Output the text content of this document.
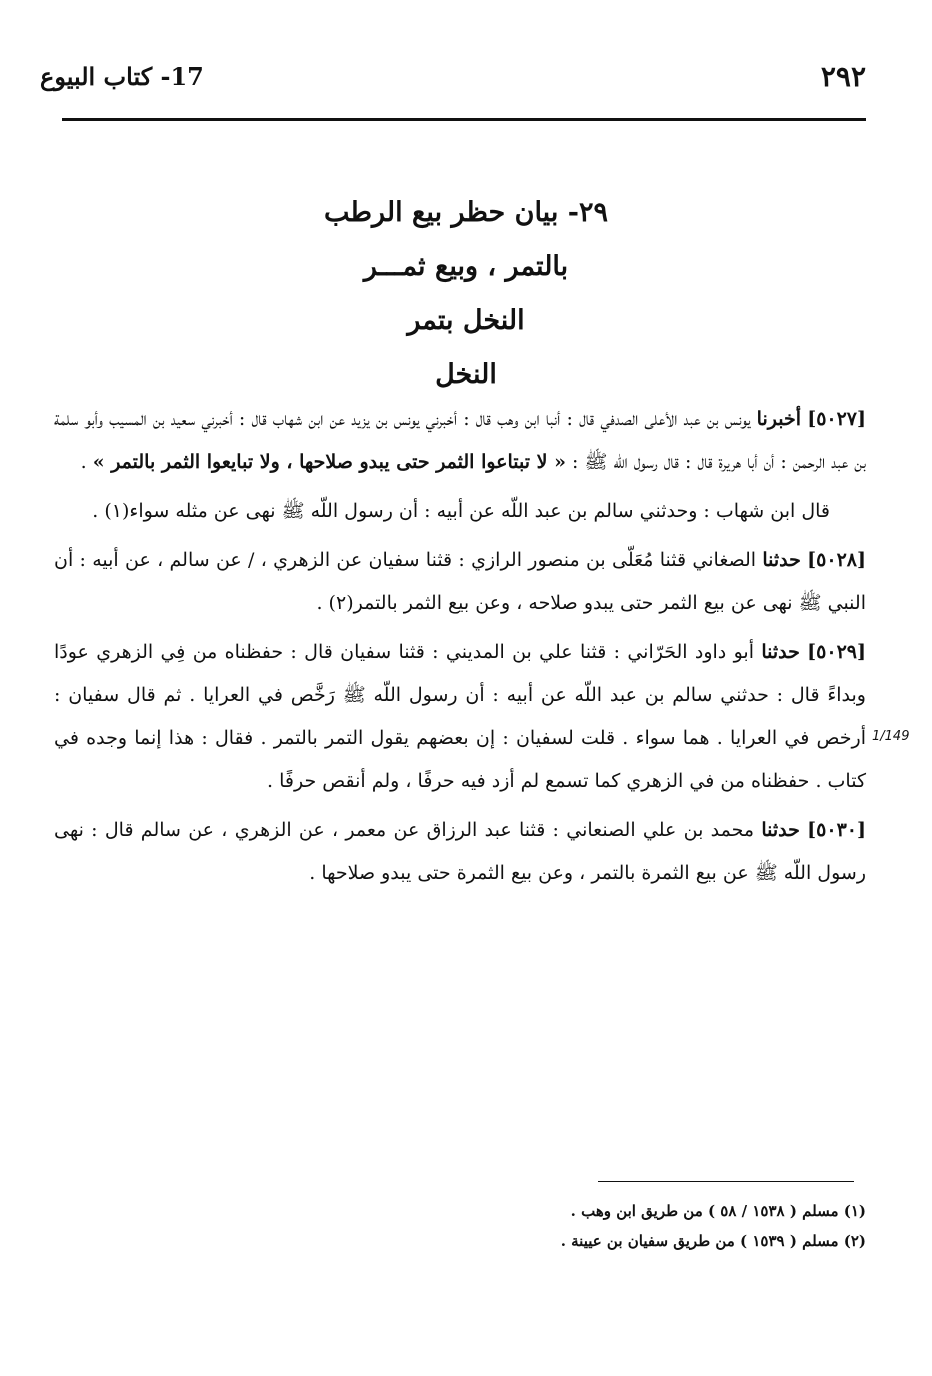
17- كتاب البيوع	٢٩٢
٢٩- بيان حظر بيع الرطب
بالتمر ، وبيع ثمـــر
النخل بتمر
النخل

[٥٠٢٧] أخبرنا يونس بن عبد الأعلى الصدفي قال : أنبا ابن وهب قال : أخبرني يونس بن يزيد عن ابن شهاب قال : أخبرني سعيد بن المسيب وأبو سلمة بن عبد الرحمن : أن أبا هريرة قال : قال رسول اللّه ﷺ : « لا تبتاعوا الثمر حتى يبدو صلاحها ، ولا تبايعوا الثمر بالتمر » .

قال ابن شهاب : وحدثني سالم بن عبد اللّه عن أبيه : أن رسول اللّه ﷺ نهى عن مثله سواء(١) .

[٥٠٢٨] حدثنا الصغاني قثنا مُعَلّى بن منصور الرازي : قثنا سفيان عن الزهري ، / عن سالم ، عن أبيه : أن النبي ﷺ نهى عن بيع الثمر حتى يبدو صلاحه ، وعن بيع الثمر بالتمر(٢) .

[٥٠٢٩] حدثنا أبو داود الحَرّاني : قثنا علي بن المديني : قثنا سفيان قال : حفظناه من فِي الزهري عودًا وبداءً قال : حدثني سالم بن عبد اللّه عن أبيه : أن رسول اللّه ﷺ رَخَّص في العرايا . ثم قال سفيان : أرخص في العرايا . هما سواء . قلت لسفيان : إن بعضهم يقول التمر بالتمر . فقال : هذا إنما وجده في كتاب . حفظناه من في الزهري كما تسمع لم أزد فيه حرفًا ، ولم أنقص حرفًا .

[٥٠٣٠] حدثنا محمد بن علي الصنعاني : قثنا عبد الرزاق عن معمر ، عن الزهري ، عن سالم قال : نهى رسول اللّه ﷺ عن بيع الثمرة بالتمر ، وعن بيع الثمرة حتى يبدو صلاحها .

1/149
(١) مسلم ( ١٥٣٨ / ٥٨ ) من طريق ابن وهب .
(٢) مسلم ( ١٥٣٩ ) من طريق سفيان بن عيينة .
